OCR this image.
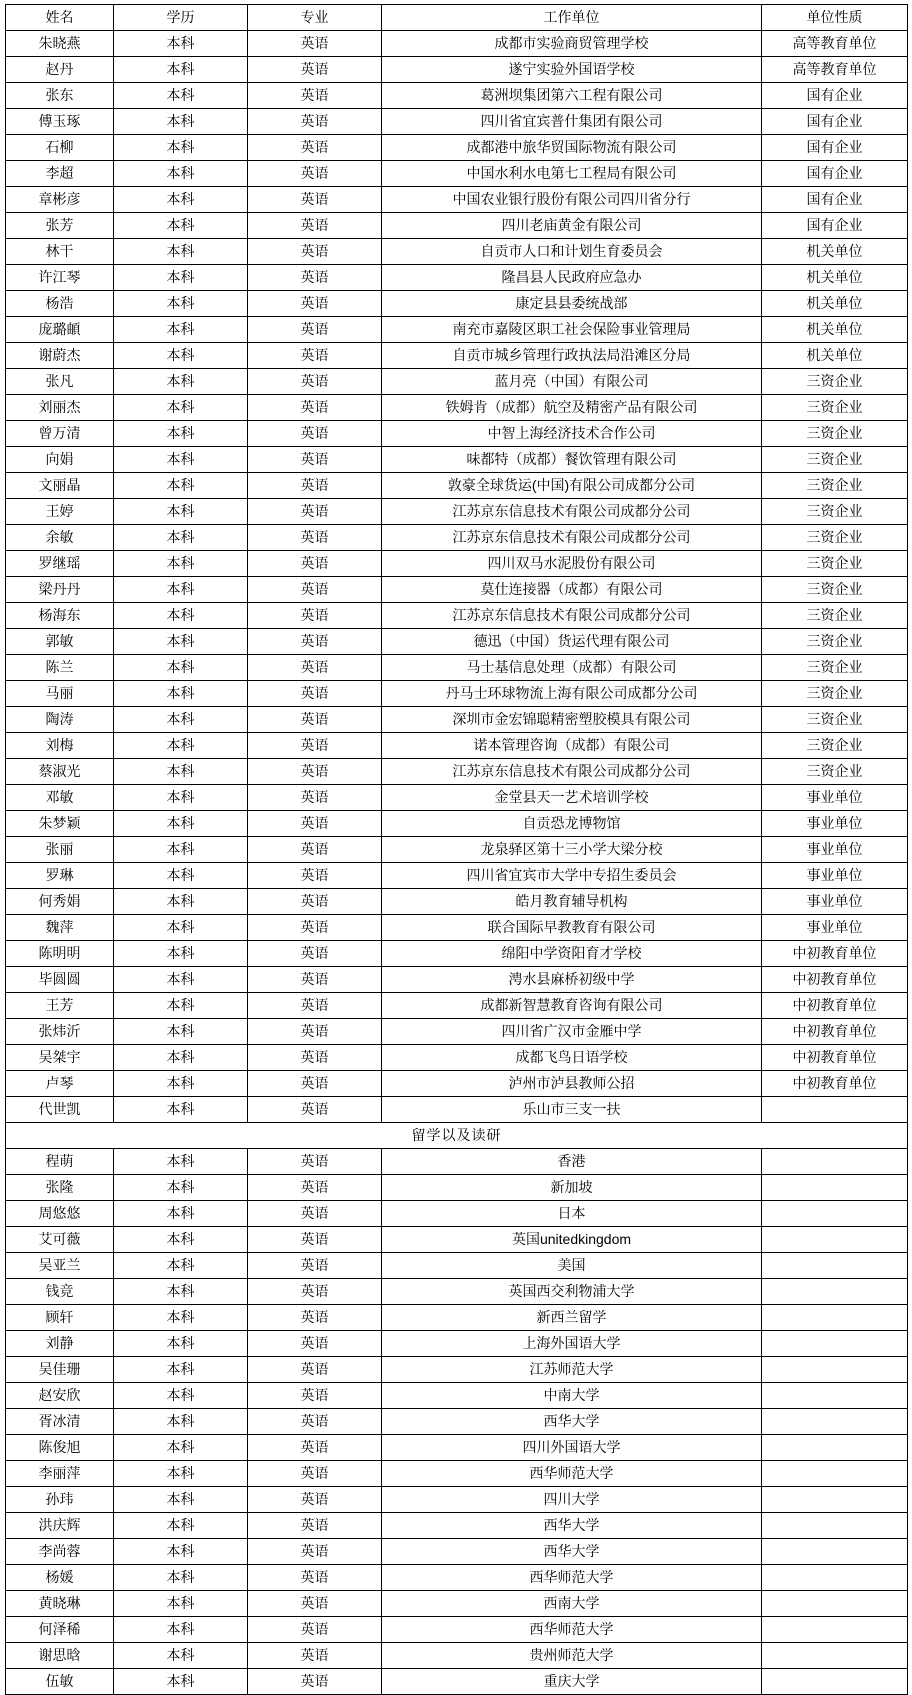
姓名	学历	专业	工作单位	单位性质
朱晓燕	本科	英语	成都市实验商贸管理学校	高等教育单位
赵丹	本科	英语	遂宁实验外国语学校	高等教育单位
张东	本科	英语	葛洲坝集团第六工程有限公司	国有企业
傅玉琢	本科	英语	四川省宜宾普什集团有限公司	国有企业
石柳	本科	英语	成都港中旅华贸国际物流有限公司	国有企业
李超	本科	英语	中国水利水电第七工程局有限公司	国有企业
章彬彦	本科	英语	中国农业银行股份有限公司四川省分行	国有企业
张芳	本科	英语	四川老庙黄金有限公司	国有企业
林干	本科	英语	自贡市人口和计划生育委员会	机关单位
许江琴	本科	英语	隆昌县人民政府应急办	机关单位
杨浩	本科	英语	康定县县委统战部	机关单位
庞璐頔	本科	英语	南充市嘉陵区职工社会保险事业管理局	机关单位
谢蔚杰	本科	英语	自贡市城乡管理行政执法局沿滩区分局	机关单位
张凡	本科	英语	蓝月亮（中国）有限公司	三资企业
刘丽杰	本科	英语	铁姆肯（成都）航空及精密产品有限公司	三资企业
曾万清	本科	英语	中智上海经济技术合作公司	三资企业
向娟	本科	英语	味都特（成都）餐饮管理有限公司	三资企业
文丽晶	本科	英语	敦豪全球货运(中国)有限公司成都分公司	三资企业
王婷	本科	英语	江苏京东信息技术有限公司成都分公司	三资企业
余敏	本科	英语	江苏京东信息技术有限公司成都分公司	三资企业
罗继瑶	本科	英语	四川双马水泥股份有限公司	三资企业
梁丹丹	本科	英语	莫仕连接器（成都）有限公司	三资企业
杨海东	本科	英语	江苏京东信息技术有限公司成都分公司	三资企业
郭敏	本科	英语	德迅（中国）货运代理有限公司	三资企业
陈兰	本科	英语	马士基信息处理（成都）有限公司	三资企业
马丽	本科	英语	丹马士环球物流上海有限公司成都分公司	三资企业
陶涛	本科	英语	深圳市金宏锦聪精密塑胶模具有限公司	三资企业
刘梅	本科	英语	诺本管理咨询（成都）有限公司	三资企业
蔡淑光	本科	英语	江苏京东信息技术有限公司成都分公司	三资企业
邓敏	本科	英语	金堂县天一艺术培训学校	事业单位
朱梦颖	本科	英语	自贡恐龙博物馆	事业单位
张丽	本科	英语	龙泉驿区第十三小学大梁分校	事业单位
罗琳	本科	英语	四川省宜宾市大学中专招生委员会	事业单位
何秀娟	本科	英语	皓月教育辅导机构	事业单位
魏萍	本科	英语	联合国际早教教育有限公司	事业单位
陈明明	本科	英语	绵阳中学资阳育才学校	中初教育单位
毕圆圆	本科	英语	涄水县麻桥初级中学	中初教育单位
王芳	本科	英语	成都新智慧教育咨询有限公司	中初教育单位
张炜沂	本科	英语	四川省广汉市金雁中学	中初教育单位
吴桀宇	本科	英语	成都飞鸟日语学校	中初教育单位
卢琴	本科	英语	泸州市泸县教师公招	中初教育单位
代世凯	本科	英语	乐山市三支一扶	
留学以及读研				
程萌	本科	英语	香港	
张隆	本科	英语	新加坡	
周悠悠	本科	英语	日本	
艾可薇	本科	英语	英国unitedkingdom	
吴亚兰	本科	英语	美国	
钱竞	本科	英语	英国西交利物浦大学	
顾轩	本科	英语	新西兰留学	
刘静	本科	英语	上海外国语大学	
吴佳珊	本科	英语	江苏师范大学	
赵安欣	本科	英语	中南大学	
胥冰清	本科	英语	西华大学	
陈俊旭	本科	英语	四川外国语大学	
李丽萍	本科	英语	西华师范大学	
孙玮	本科	英语	四川大学	
洪庆辉	本科	英语	西华大学	
李尚蓉	本科	英语	西华大学	
杨媛	本科	英语	西华师范大学	
黄晓琳	本科	英语	西南大学	
何泽稀	本科	英语	西华师范大学	
谢思晗	本科	英语	贵州师范大学	
伍敏	本科	英语	重庆大学	
